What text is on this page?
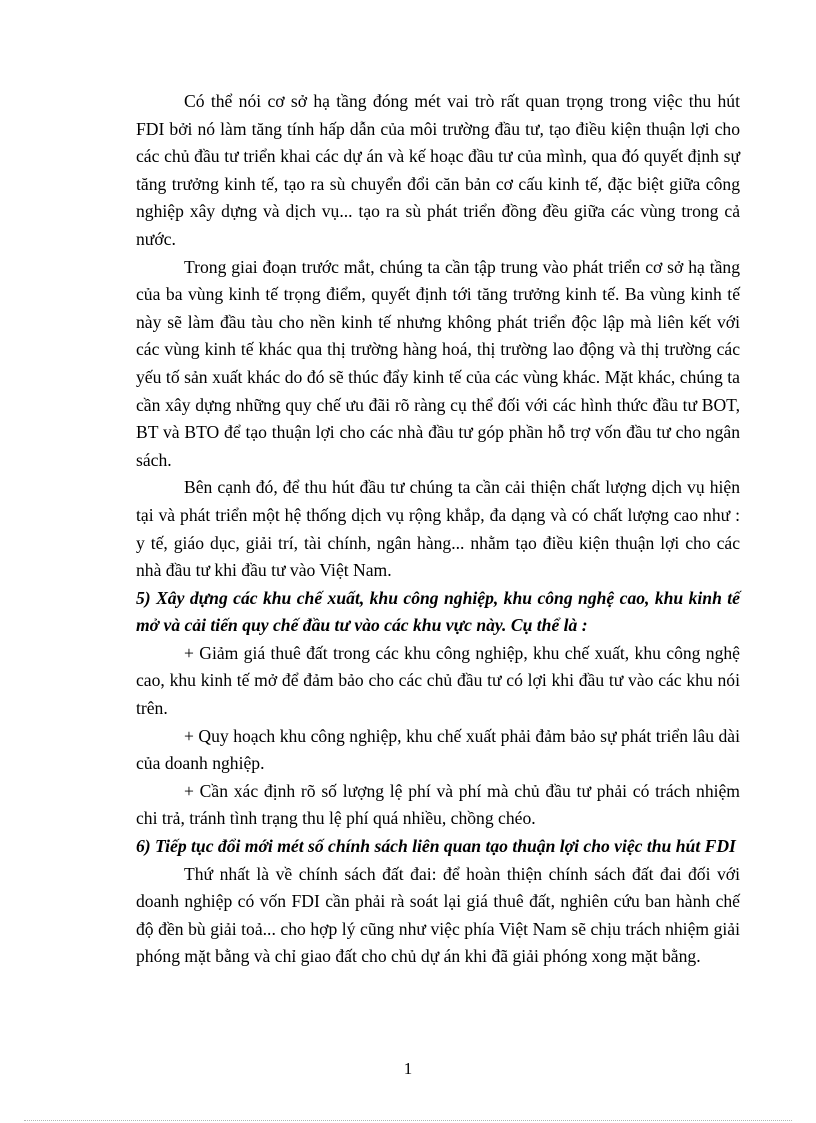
Có thể nói cơ sở hạ tầng đóng mét vai trò rất quan trọng trong việc thu hút FDI bởi nó làm tăng tính hấp dẫn của môi trường đầu tư, tạo điều kiện thuận lợi cho các chủ đầu tư triển khai các dự án và kế hoạc đầu tư của mình, qua đó quyết định sự tăng trưởng kinh tế, tạo ra sù chuyển đổi căn bản cơ cấu kinh tế, đặc biệt giữa công nghiệp xây dựng và dịch vụ... tạo ra sù phát triển đồng đều giữa các vùng trong cả nước.

Trong giai đoạn trước mắt, chúng ta cần tập trung vào phát triển cơ sở hạ tầng của ba vùng kinh tế trọng điểm, quyết định tới tăng trưởng kinh tế. Ba vùng kinh tế này sẽ làm đầu tàu cho nền kinh tế nhưng không phát triển độc lập mà liên kết với các vùng kinh tế khác qua thị trường hàng hoá, thị trường lao động và thị trường các yếu tố sản xuất khác do đó sẽ thúc đẩy kinh tế của các vùng khác. Mặt khác, chúng ta cần xây dựng những quy chế ưu đãi rõ ràng cụ thể đối với các hình thức đầu tư BOT, BT và BTO để tạo thuận lợi cho các nhà đầu tư góp phần hỗ trợ vốn đầu tư cho ngân sách.

Bên cạnh đó, để thu hút đầu tư chúng ta cần cải thiện chất lượng dịch vụ hiện tại và phát triển một hệ thống dịch vụ rộng khắp, đa dạng và có chất lượng cao như : y tế, giáo dục, giải trí, tài chính, ngân hàng... nhằm tạo điều kiện thuận lợi cho các nhà đầu tư khi đầu tư vào Việt Nam.

5) Xây dựng các khu chế xuất, khu công nghiệp, khu công nghệ cao, khu kinh tế mở và cải tiến quy chế đầu tư vào các khu vực này. Cụ thể là :

+ Giảm giá thuê đất trong các khu công nghiệp, khu chế xuất, khu công nghệ cao, khu kinh tế mở để đảm bảo cho các chủ đầu tư có lợi khi đầu tư vào các khu nói trên.

+ Quy hoạch khu công nghiệp, khu chế xuất phải đảm bảo sự phát triển lâu dài của doanh nghiệp.

+ Cần xác định rõ số lượng lệ phí và phí mà chủ đầu tư phải có trách nhiệm chi trả, tránh tình trạng thu lệ phí quá nhiều, chồng chéo.

6) Tiếp tục đổi mới mét số chính sách liên quan tạo thuận lợi cho việc thu hút FDI

Thứ nhất là về chính sách đất đai: để hoàn thiện chính sách đất đai đối với doanh nghiệp có vốn FDI cần phải rà soát lại giá thuê đất, nghiên cứu ban hành chế độ đền bù giải toả... cho hợp lý cũng như việc phía Việt Nam sẽ chịu trách nhiệm giải phóng mặt bằng và chỉ giao đất cho chủ dự án khi đã giải phóng xong mặt bằng.

1
